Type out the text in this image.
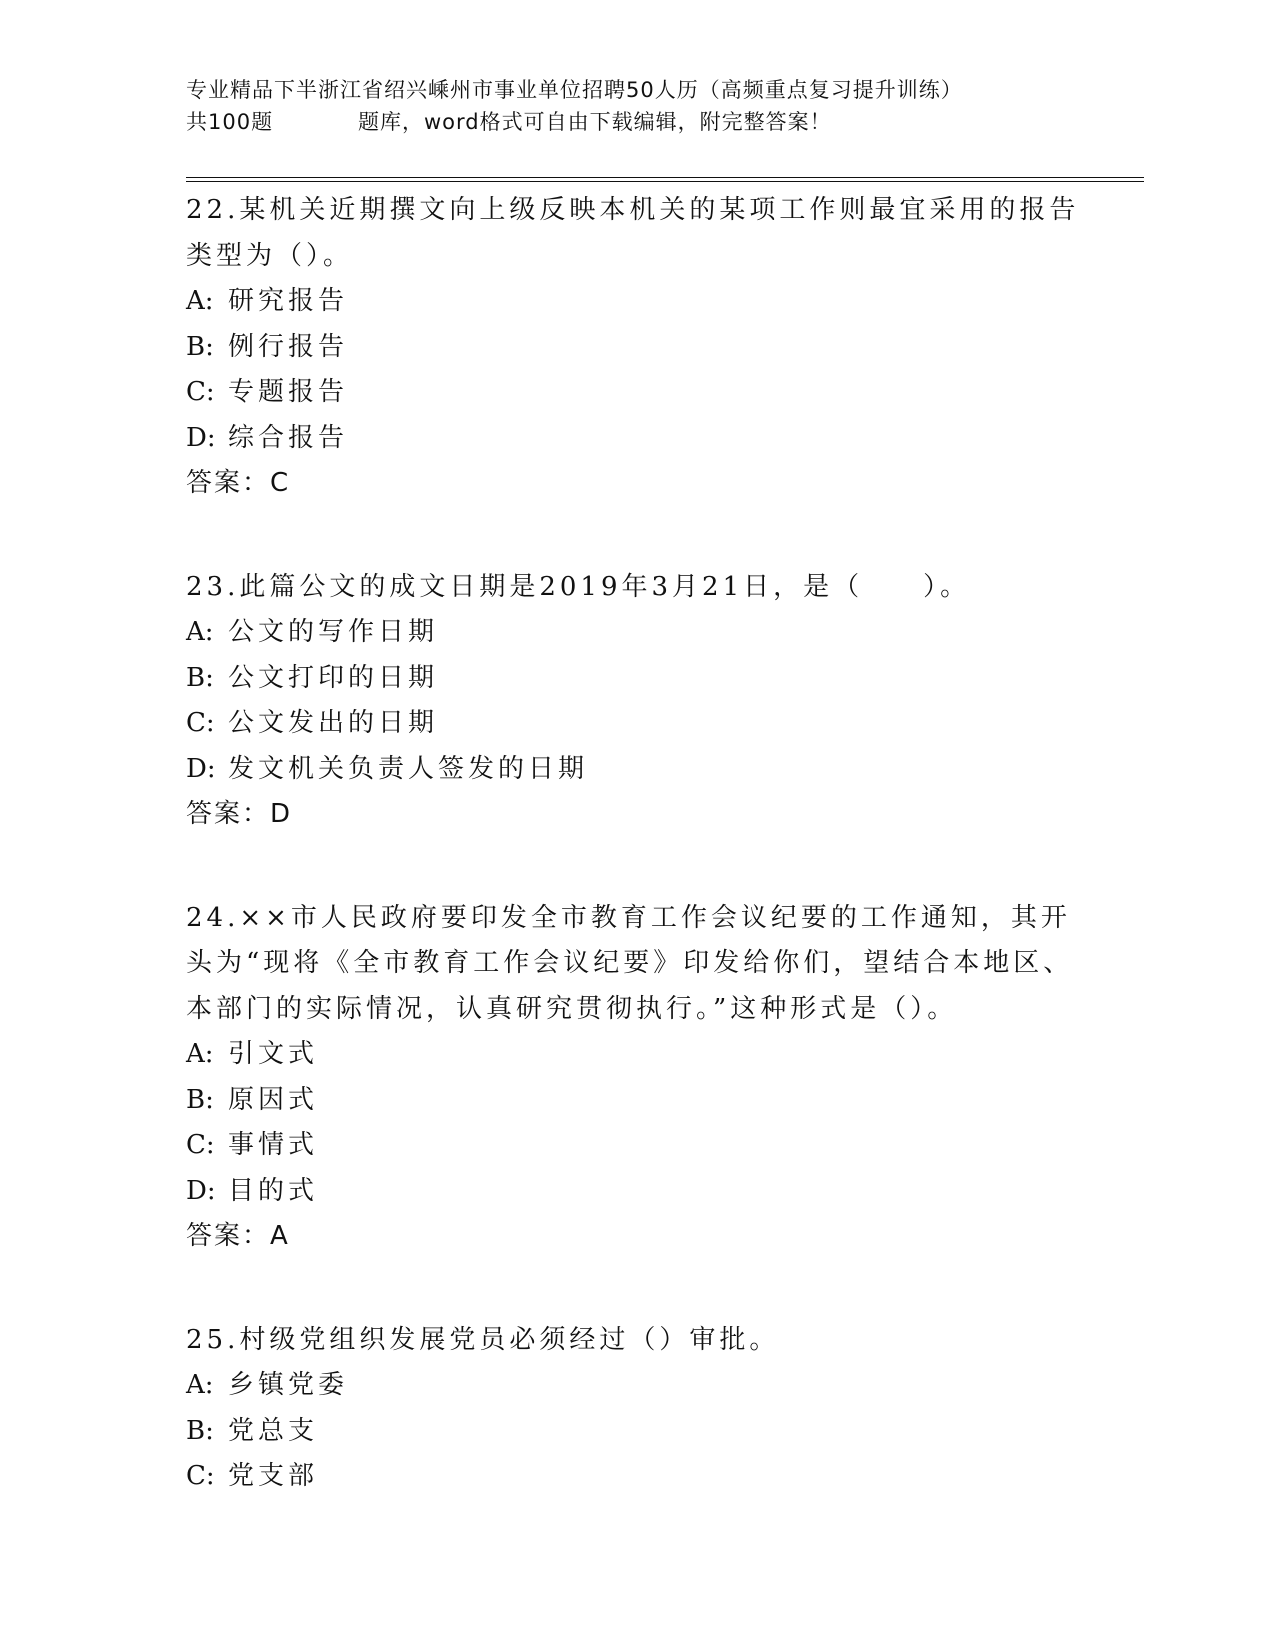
专业精品下半浙江省绍兴嵊州市事业单位招聘50人历（高频重点复习提升训练）
共100题	题库，word格式可自由下载编辑，附完整答案！

22.某机关近期撰文向上级反映本机关的某项工作则最宜采用的报告类型为（）。

A: 研究报告

B: 例行报告

C: 专题报告

D: 综合报告

答案：C

23.此篇公文的成文日期是2019年3月21日，是（　　）。

A: 公文的写作日期

B: 公文打印的日期

C: 公文发出的日期

D: 发文机关负责人签发的日期

答案：D

24.××市人民政府要印发全市教育工作会议纪要的工作通知，其开头为“现将《全市教育工作会议纪要》印发给你们，望结合本地区、本部门的实际情况，认真研究贯彻执行。”这种形式是（）。

A: 引文式

B: 原因式

C: 事情式

D: 目的式

答案：A

25.村级党组织发展党员必须经过（）审批。

A: 乡镇党委

B: 党总支

C: 党支部
